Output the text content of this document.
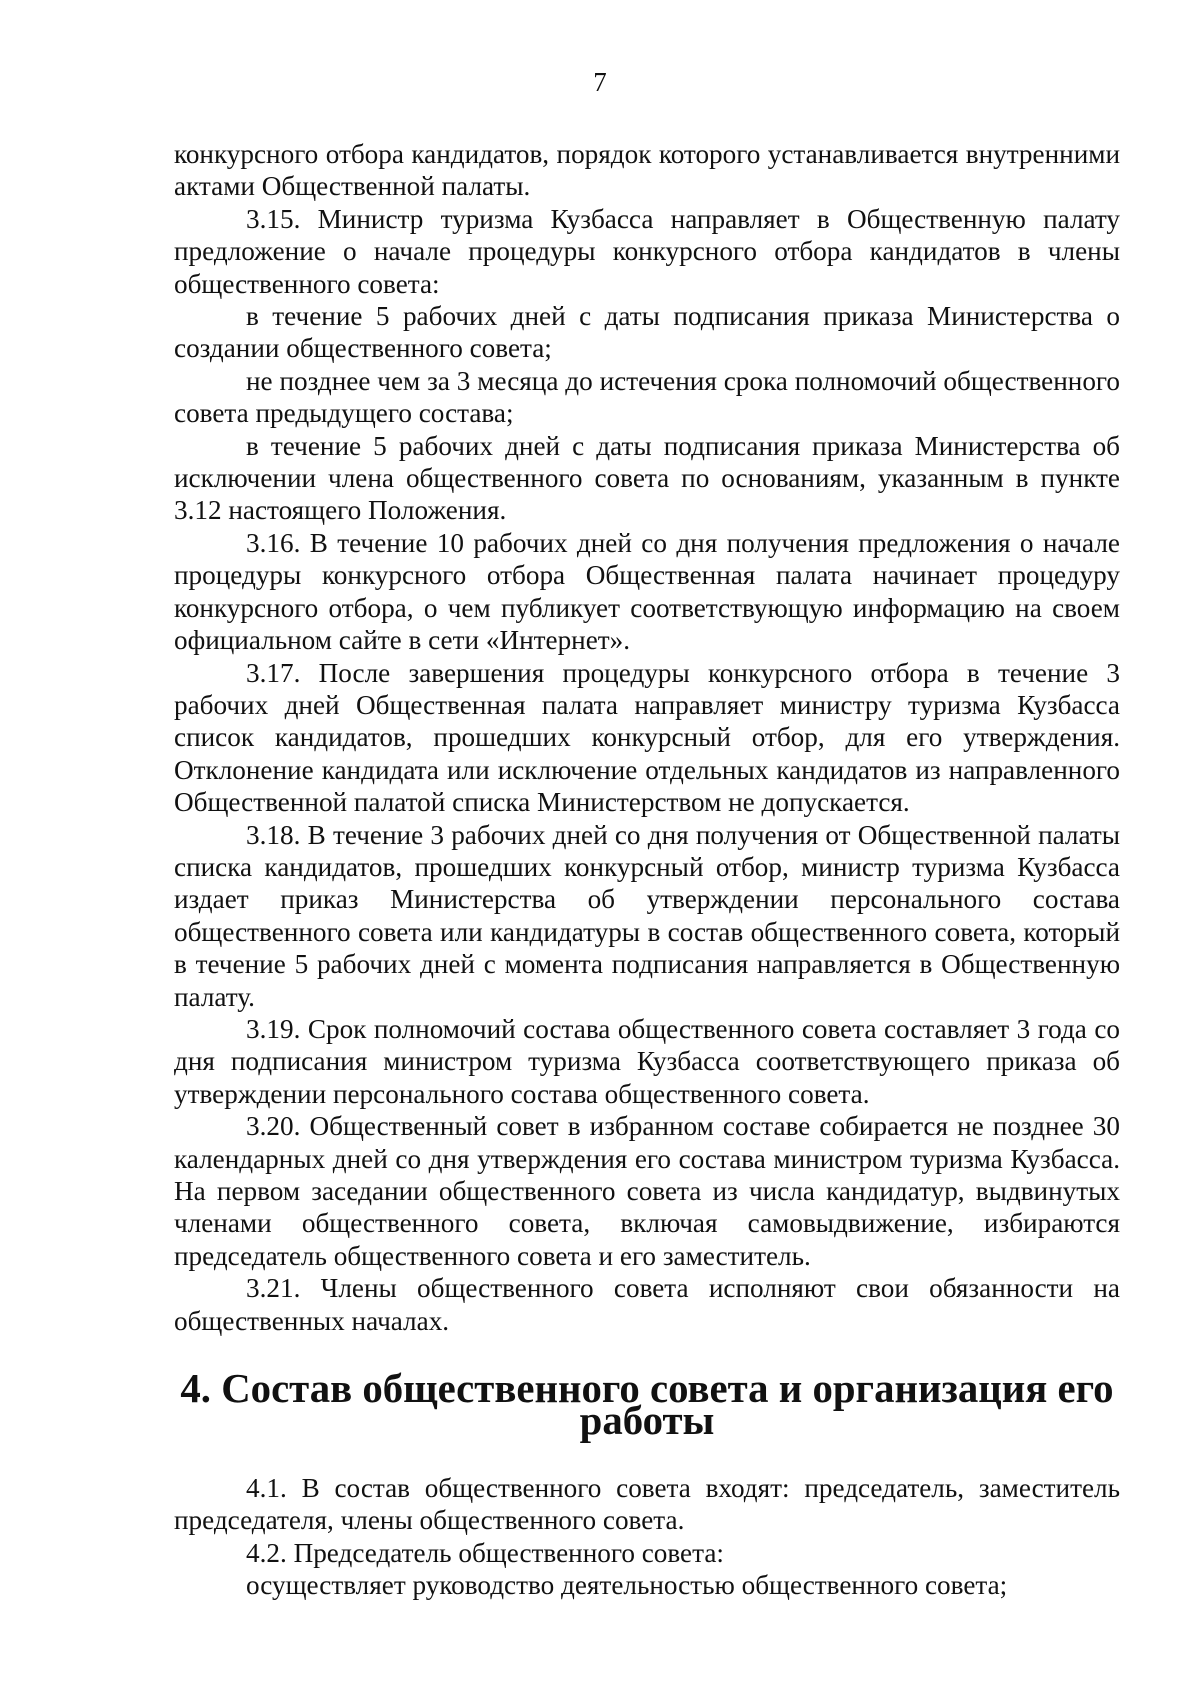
7

конкурсного отбора кандидатов, порядок которого устанавливается внутренними актами Общественной палаты.

3.15. Министр туризма Кузбасса направляет в Общественную палату предложение о начале процедуры конкурсного отбора кандидатов в члены общественного совета:

в течение 5 рабочих дней с даты подписания приказа Министерства о создании общественного совета;

не позднее чем за 3 месяца до истечения срока полномочий общественного совета предыдущего состава;

в течение 5 рабочих дней с даты подписания приказа Министерства об исключении члена общественного совета по основаниям, указанным в пункте 3.12 настоящего Положения.

3.16. В течение 10 рабочих дней со дня получения предложения о начале процедуры конкурсного отбора Общественная палата начинает процедуру конкурсного отбора, о чем публикует соответствующую информацию на своем официальном сайте в сети «Интернет».

3.17. После завершения процедуры конкурсного отбора в течение 3 рабочих дней Общественная палата направляет министру туризма Кузбасса список кандидатов, прошедших конкурсный отбор, для его утверждения. Отклонение кандидата или исключение отдельных кандидатов из направленного Общественной палатой списка Министерством не допускается.

3.18. В течение 3 рабочих дней со дня получения от Общественной палаты списка кандидатов, прошедших конкурсный отбор, министр туризма Кузбасса издает приказ Министерства об утверждении персонального состава общественного совета или кандидатуры в состав общественного совета, который в течение 5 рабочих дней с момента подписания направляется в Общественную палату.

3.19. Срок полномочий состава общественного совета составляет 3 года со дня подписания министром туризма Кузбасса соответствующего приказа об утверждении персонального состава общественного совета.

3.20. Общественный совет в избранном составе собирается не позднее 30 календарных дней со дня утверждения его состава министром туризма Кузбасса. На первом заседании общественного совета из числа кандидатур, выдвинутых членами общественного совета, включая самовыдвижение, избираются председатель общественного совета и его заместитель.

3.21. Члены общественного совета исполняют свои обязанности на общественных началах.

4. Состав общественного совета и организация его работы

4.1. В состав общественного совета входят: председатель, заместитель председателя, члены общественного совета.

4.2. Председатель общественного совета:

осуществляет руководство деятельностью общественного совета;
